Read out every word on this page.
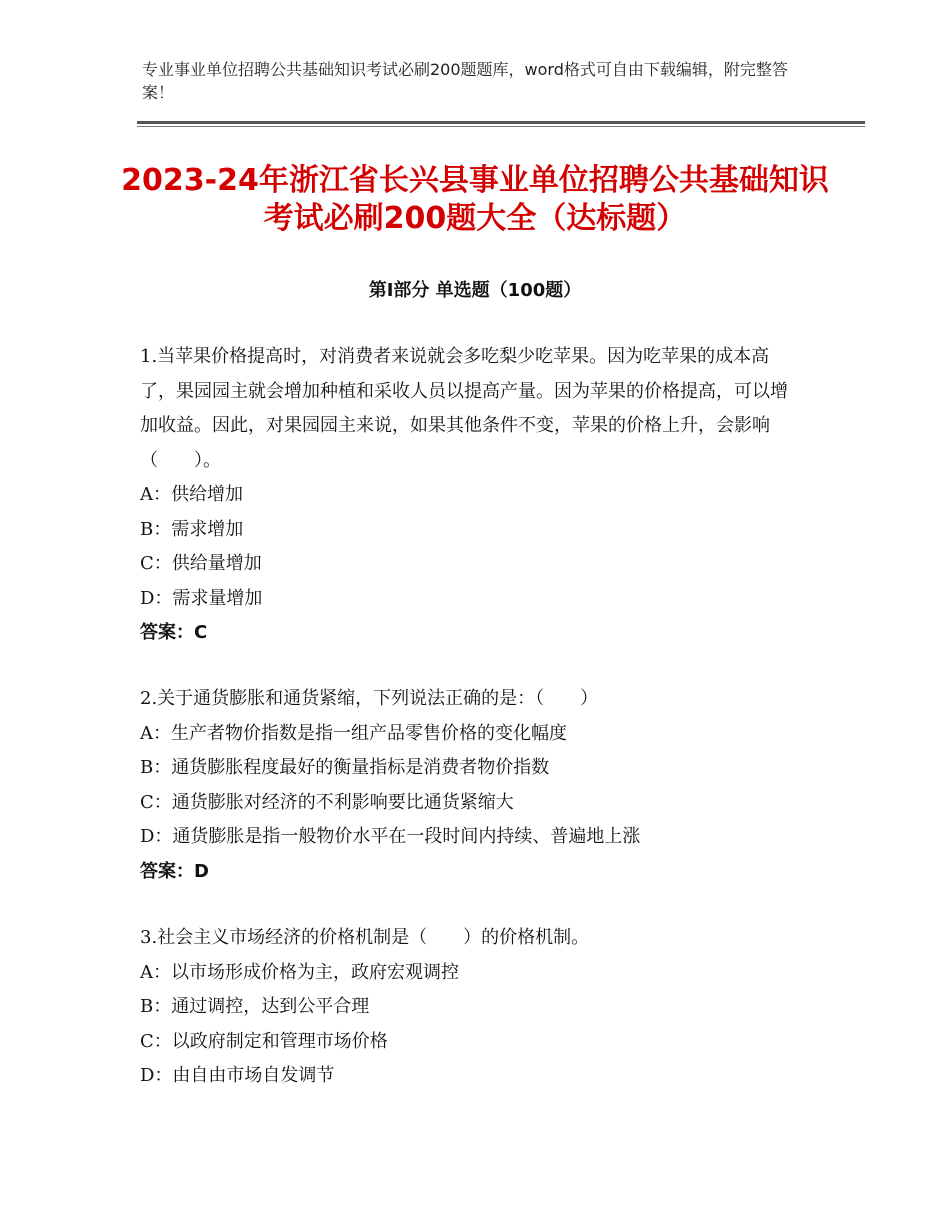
专业事业单位招聘公共基础知识考试必刷200题题库，word格式可自由下载编辑，附完整答案！
2023-24年浙江省长兴县事业单位招聘公共基础知识考试必刷200题大全（达标题）
第Ⅰ部分 单选题（100题）
1.当苹果价格提高时，对消费者来说就会多吃梨少吃苹果。因为吃苹果的成本高了，果园园主就会增加种植和采收人员以提高产量。因为苹果的价格提高，可以增加收益。因此，对果园园主来说，如果其他条件不变，苹果的价格上升，会影响（　　）。
A：供给增加
B：需求增加
C：供给量增加
D：需求量增加
答案：C
2.关于通货膨胀和通货紧缩，下列说法正确的是：（　　）
A：生产者物价指数是指一组产品零售价格的变化幅度
B：通货膨胀程度最好的衡量指标是消费者物价指数
C：通货膨胀对经济的不利影响要比通货紧缩大
D：通货膨胀是指一般物价水平在一段时间内持续、普遍地上涨
答案：D
3.社会主义市场经济的价格机制是（　　）的价格机制。
A：以市场形成价格为主，政府宏观调控
B：通过调控，达到公平合理
C：以政府制定和管理市场价格
D：由自由市场自发调节
